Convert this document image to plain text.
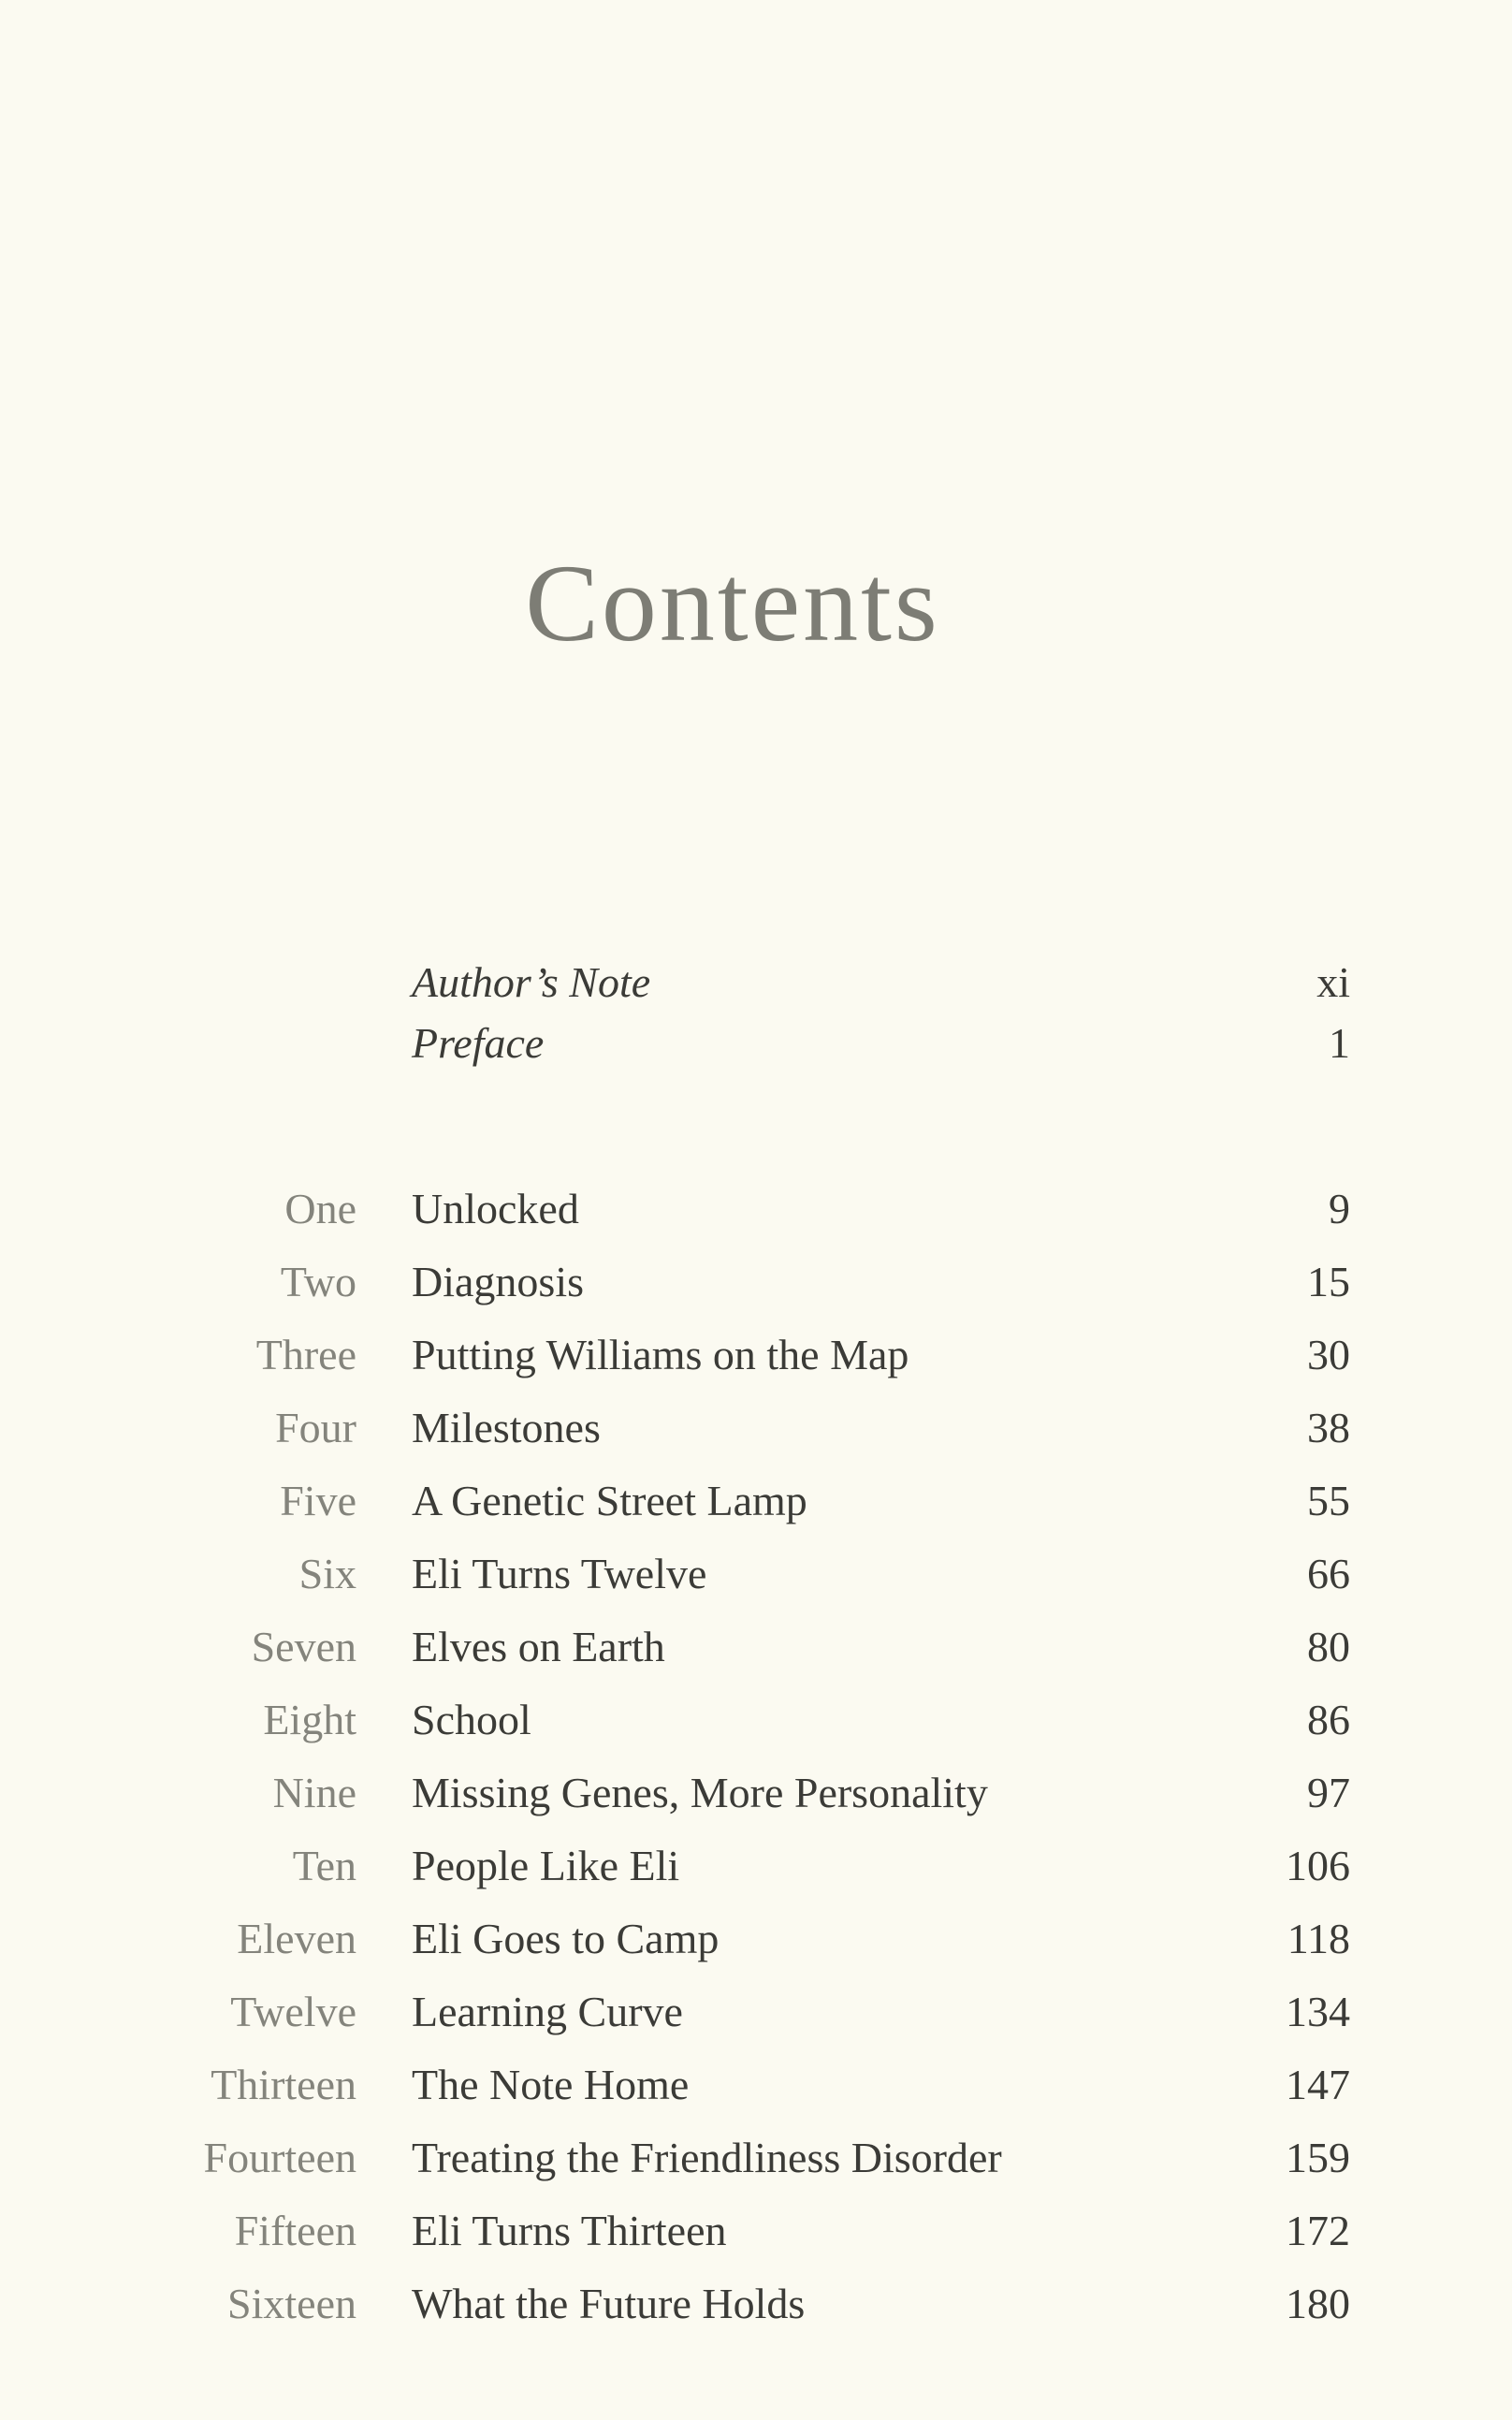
Contents
Author’s Note	xi
Preface	1
One Unlocked	9
Two Diagnosis	15
Three Putting Williams on the Map	30
Four Milestones	38
Five A Genetic Street Lamp	55
Six Eli Turns Twelve	66
Seven Elves on Earth	80
Eight School	86
Nine Missing Genes, More Personality	97
Ten People Like Eli	106
Eleven Eli Goes to Camp	118
Twelve Learning Curve	134
Thirteen The Note Home	147
Fourteen Treating the Friendliness Disorder	159
Fifteen Eli Turns Thirteen	172
Sixteen What the Future Holds	180
